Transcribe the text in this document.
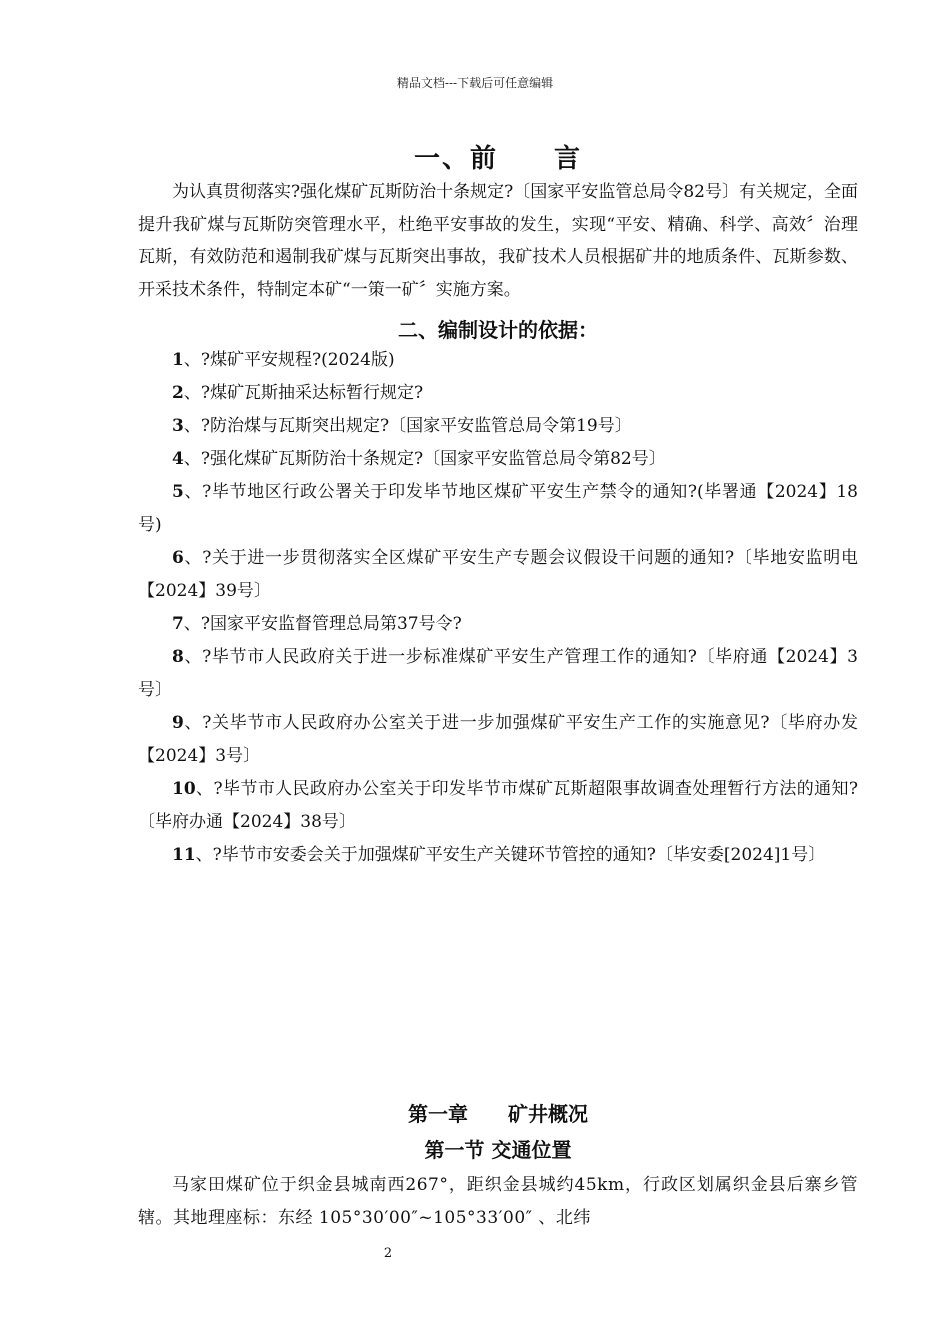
精品文档---下载后可任意编辑
一、前　　言

为认真贯彻落实?强化煤矿瓦斯防治十条规定?〔国家平安监管总局令82号〕有关规定，全面提升我矿煤与瓦斯防突管理水平，杜绝平安事故的发生，实现“平安、精确、科学、高效〞治理瓦斯，有效防范和遏制我矿煤与瓦斯突出事故，我矿技术人员根据矿井的地质条件、瓦斯参数、开采技术条件，特制定本矿“一策一矿〞实施方案。

二、编制设计的依据：

1、?煤矿平安规程?(2024版)

2、?煤矿瓦斯抽采达标暂行规定?

3、?防治煤与瓦斯突出规定?〔国家平安监管总局令第19号〕

4、?强化煤矿瓦斯防治十条规定?〔国家平安监管总局令第82号〕

5、?毕节地区行政公署关于印发毕节地区煤矿平安生产禁令的通知?(毕署通【2024】18号)

6、?关于进一步贯彻落实全区煤矿平安生产专题会议假设干问题的通知?〔毕地安监明电【2024】39号〕

7、?国家平安监督管理总局第37号令?

8、?毕节市人民政府关于进一步标准煤矿平安生产管理工作的通知?〔毕府通【2024】3号〕

9、?关毕节市人民政府办公室关于进一步加强煤矿平安生产工作的实施意见?〔毕府办发【2024】3号〕

10、?毕节市人民政府办公室关于印发毕节市煤矿瓦斯超限事故调查处理暂行方法的通知?〔毕府办通【2024】38号〕

11、?毕节市安委会关于加强煤矿平安生产关键环节管控的通知?〔毕安委[2024]1号〕

第一章　　矿井概况
第一节 交通位置

马家田煤矿位于织金县城南西267°，距织金县城约45km，行政区划属织金县后寨乡管辖。其地理座标：东经 105°30′00″~105°33′00″ 、北纬

2
